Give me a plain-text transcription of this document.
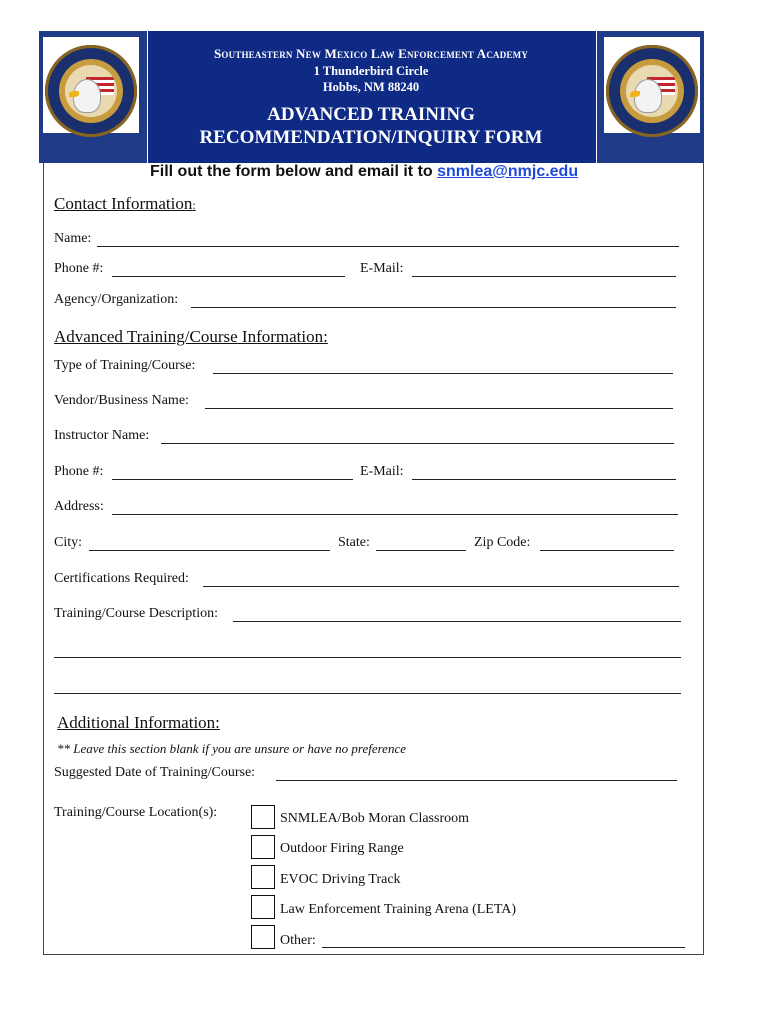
Southeastern New Mexico Law Enforcement Academy
1 Thunderbird Circle
Hobbs, NM 88240
ADVANCED TRAINING
RECOMMENDATION/INQUIRY FORM
Fill out the form below and email it to snmlea@nmjc.edu
Contact Information:
Name:
Phone #:	E-Mail:
Agency/Organization:
Advanced Training/Course Information:
Type of Training/Course:
Vendor/Business Name:
Instructor Name:
Phone #:	E-Mail:
Address:
City:	State:	Zip Code:
Certifications Required:
Training/Course Description:
Additional Information:
** Leave this section blank if you are unsure or have no preference
Suggested Date of Training/Course:
Training/Course Location(s):	SNMLEA/Bob Moran Classroom
Outdoor Firing Range
EVOC Driving Track
Law Enforcement Training Arena (LETA)
Other:
